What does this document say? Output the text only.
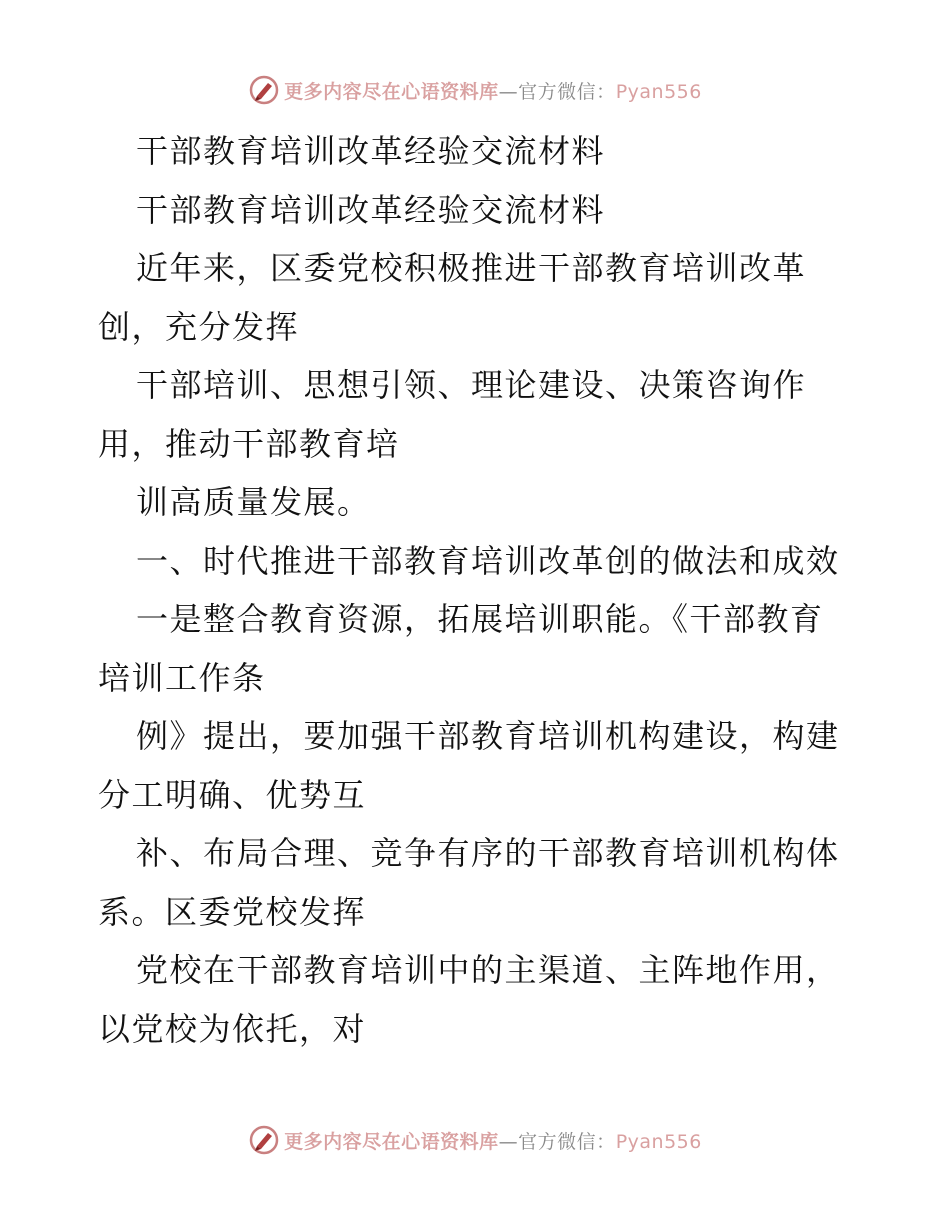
更多内容尽在心语资料库—官方微信：Pyan556
干部教育培训改革经验交流材料
干部教育培训改革经验交流材料
近年来，区委党校积极推进干部教育培训改革
创，充分发挥
干部培训、思想引领、理论建设、决策咨询作
用，推动干部教育培
训高质量发展。
一、时代推进干部教育培训改革创的做法和成效
一是整合教育资源，拓展培训职能。《干部教育
培训工作条
例》提出，要加强干部教育培训机构建设，构建
分工明确、优势互
补、布局合理、竞争有序的干部教育培训机构体
系。区委党校发挥
党校在干部教育培训中的主渠道、主阵地作用，
以党校为依托，对
更多内容尽在心语资料库—官方微信：Pyan556
